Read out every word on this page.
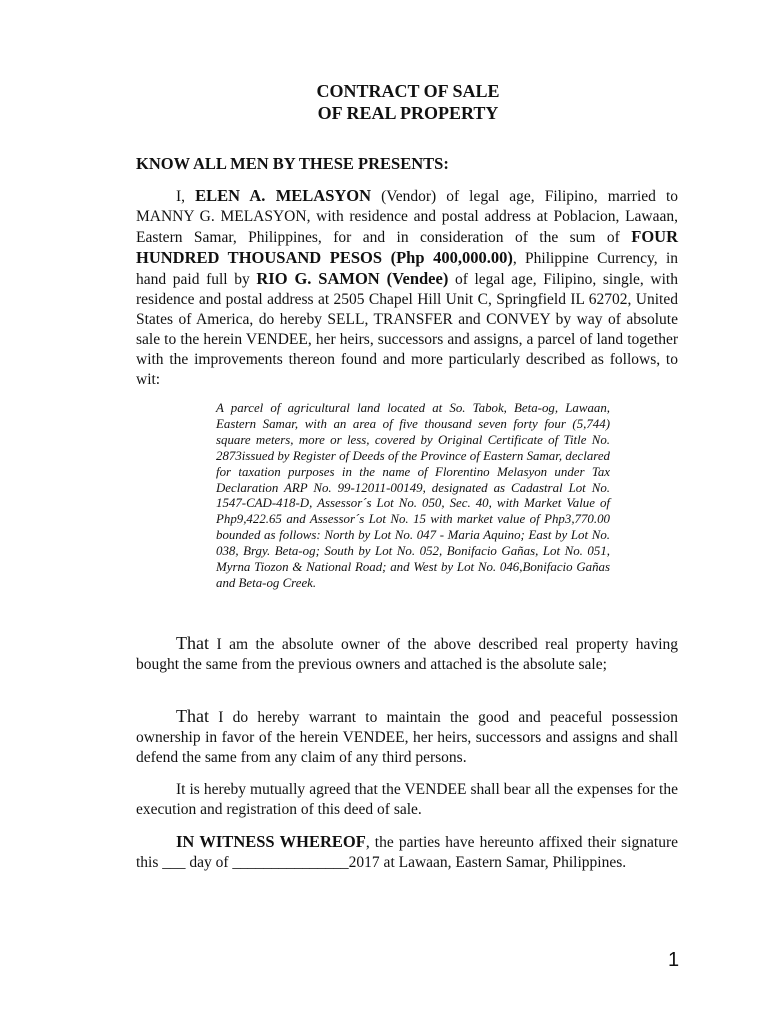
CONTRACT OF SALE
OF REAL PROPERTY
KNOW ALL MEN BY THESE PRESENTS:

I, ELEN A. MELASYON (Vendor) of legal age, Filipino, married to MANNY G. MELASYON, with residence and postal address at Poblacion, Lawaan, Eastern Samar, Philippines, for and in consideration of the sum of FOUR HUNDRED THOUSAND PESOS (Php 400,000.00), Philippine Currency, in hand paid full by RIO G. SAMON (Vendee) of legal age, Filipino, single, with residence and postal address at 2505 Chapel Hill Unit C, Springfield IL 62702, United States of America, do hereby SELL, TRANSFER and CONVEY by way of absolute sale to the herein VENDEE, her heirs, successors and assigns, a parcel of land together with the improvements thereon found and more particularly described as follows, to wit:

A parcel of agricultural land located at So. Tabok, Beta-og, Lawaan, Eastern Samar, with an area of five thousand seven forty four (5,744) square meters, more or less, covered by Original Certificate of Title No. 2873issued by Register of Deeds of the Province of Eastern Samar, declared for taxation purposes in the name of Florentino Melasyon under Tax Declaration ARP No. 99-12011-00149, designated as Cadastral Lot No. 1547-CAD-418-D, Assessor´s Lot No. 050, Sec. 40, with Market Value of Php9,422.65 and Assessor´s Lot No. 15 with market value of Php3,770.00 bounded as follows: North by Lot No. 047 - Maria Aquino; East by Lot No. 038, Brgy. Beta-og; South by Lot No. 052, Bonifacio Gañas, Lot No. 051, Myrna Tiozon & National Road; and West by Lot No. 046,Bonifacio Gañas and Beta-og Creek.

That I am the absolute owner of the above described real property having bought the same from the previous owners and attached is the absolute sale;

That I do hereby warrant to maintain the good and peaceful possession ownership in favor of the herein VENDEE, her heirs, successors and assigns and shall defend the same from any claim of any third persons.

It is hereby mutually agreed that the VENDEE shall bear all the expenses for the execution and registration of this deed of sale.

IN WITNESS WHEREOF, the parties have hereunto affixed their signature this ___ day of _______________2017 at Lawaan, Eastern Samar, Philippines.

1
